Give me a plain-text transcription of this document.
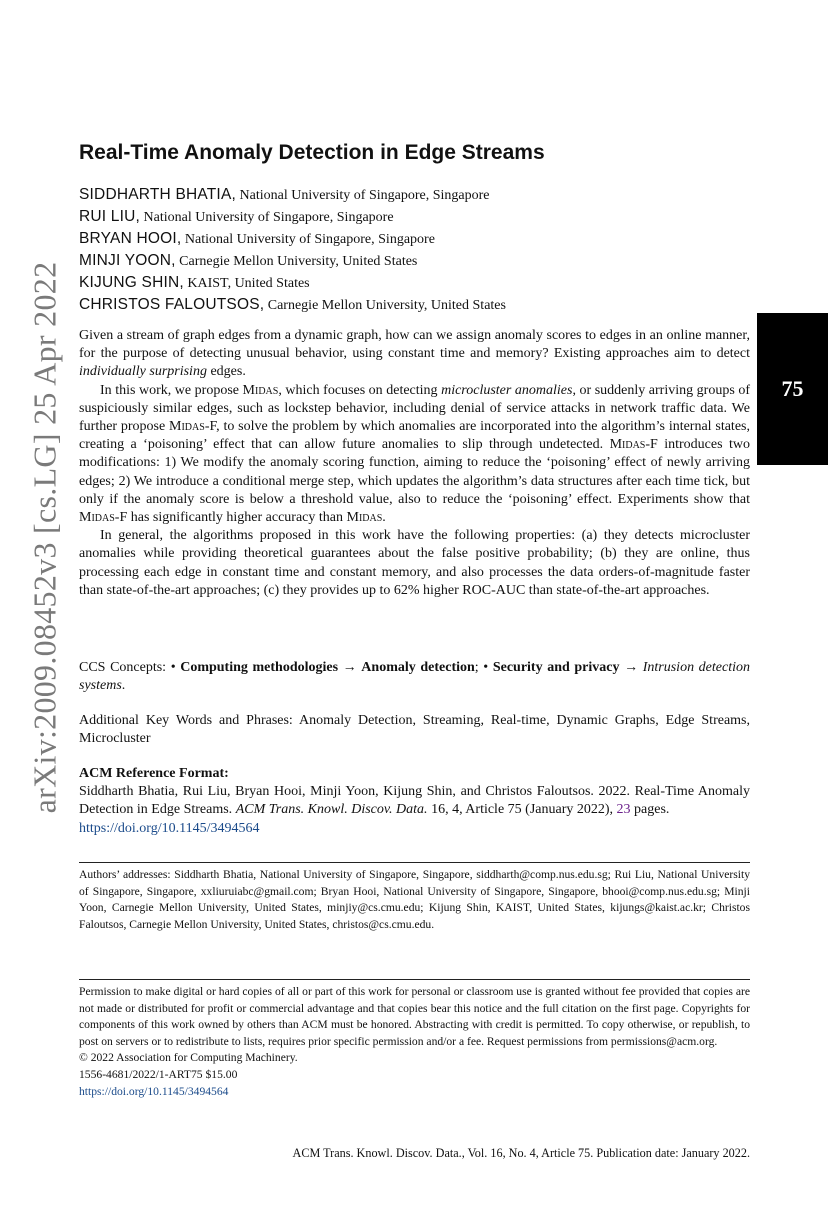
arXiv:2009.08452v3 [cs.LG] 25 Apr 2022	75
Real-Time Anomaly Detection in Edge Streams
SIDDHARTH BHATIA, National University of Singapore, Singapore
RUI LIU, National University of Singapore, Singapore
BRYAN HOOI, National University of Singapore, Singapore
MINJI YOON, Carnegie Mellon University, United States
KIJUNG SHIN, KAIST, United States
CHRISTOS FALOUTSOS, Carnegie Mellon University, United States

Given a stream of graph edges from a dynamic graph, how can we assign anomaly scores to edges in an online manner, for the purpose of detecting unusual behavior, using constant time and memory? Existing approaches aim to detect individually surprising edges.

In this work, we propose Midas, which focuses on detecting microcluster anomalies, or suddenly arriving groups of suspiciously similar edges, such as lockstep behavior, including denial of service attacks in network traffic data. We further propose Midas-F, to solve the problem by which anomalies are incorporated into the algorithm’s internal states, creating a ‘poisoning’ effect that can allow future anomalies to slip through undetected. Midas-F introduces two modifications: 1) We modify the anomaly scoring function, aiming to reduce the ‘poisoning’ effect of newly arriving edges; 2) We introduce a conditional merge step, which updates the algorithm’s data structures after each time tick, but only if the anomaly score is below a threshold value, also to reduce the ‘poisoning’ effect. Experiments show that Midas-F has significantly higher accuracy than Midas.

In general, the algorithms proposed in this work have the following properties: (a) they detects microcluster anomalies while providing theoretical guarantees about the false positive probability; (b) they are online, thus processing each edge in constant time and constant memory, and also processes the data orders-of-magnitude faster than state-of-the-art approaches; (c) they provides up to 62% higher ROC-AUC than state-of-the-art approaches.

CCS Concepts: • Computing methodologies → Anomaly detection; • Security and privacy → Intrusion detection systems.
Additional Key Words and Phrases: Anomaly Detection, Streaming, Real-time, Dynamic Graphs, Edge Streams, Microcluster
ACM Reference Format:
Siddharth Bhatia, Rui Liu, Bryan Hooi, Minji Yoon, Kijung Shin, and Christos Faloutsos. 2022. Real-Time Anomaly Detection in Edge Streams. ACM Trans. Knowl. Discov. Data. 16, 4, Article 75 (January 2022), 23 pages.
https://doi.org/10.1145/3494564
Authors’ addresses: Siddharth Bhatia, National University of Singapore, Singapore, siddharth@comp.nus.edu.sg; Rui Liu, National University of Singapore, Singapore, xxliuruiabc@gmail.com; Bryan Hooi, National University of Singapore, Singapore, bhooi@comp.nus.edu.sg; Minji Yoon, Carnegie Mellon University, United States, minjiy@cs.cmu.edu; Kijung Shin, KAIST, United States, kijungs@kaist.ac.kr; Christos Faloutsos, Carnegie Mellon University, United States, christos@cs.cmu.edu.

Permission to make digital or hard copies of all or part of this work for personal or classroom use is granted without fee provided that copies are not made or distributed for profit or commercial advantage and that copies bear this notice and the full citation on the first page. Copyrights for components of this work owned by others than ACM must be honored. Abstracting with credit is permitted. To copy otherwise, or republish, to post on servers or to redistribute to lists, requires prior specific permission and/or a fee. Request permissions from permissions@acm.org.

© 2022 Association for Computing Machinery.

1556-4681/2022/1-ART75 $15.00

https://doi.org/10.1145/3494564

ACM Trans. Knowl. Discov. Data., Vol. 16, No. 4, Article 75. Publication date: January 2022.
